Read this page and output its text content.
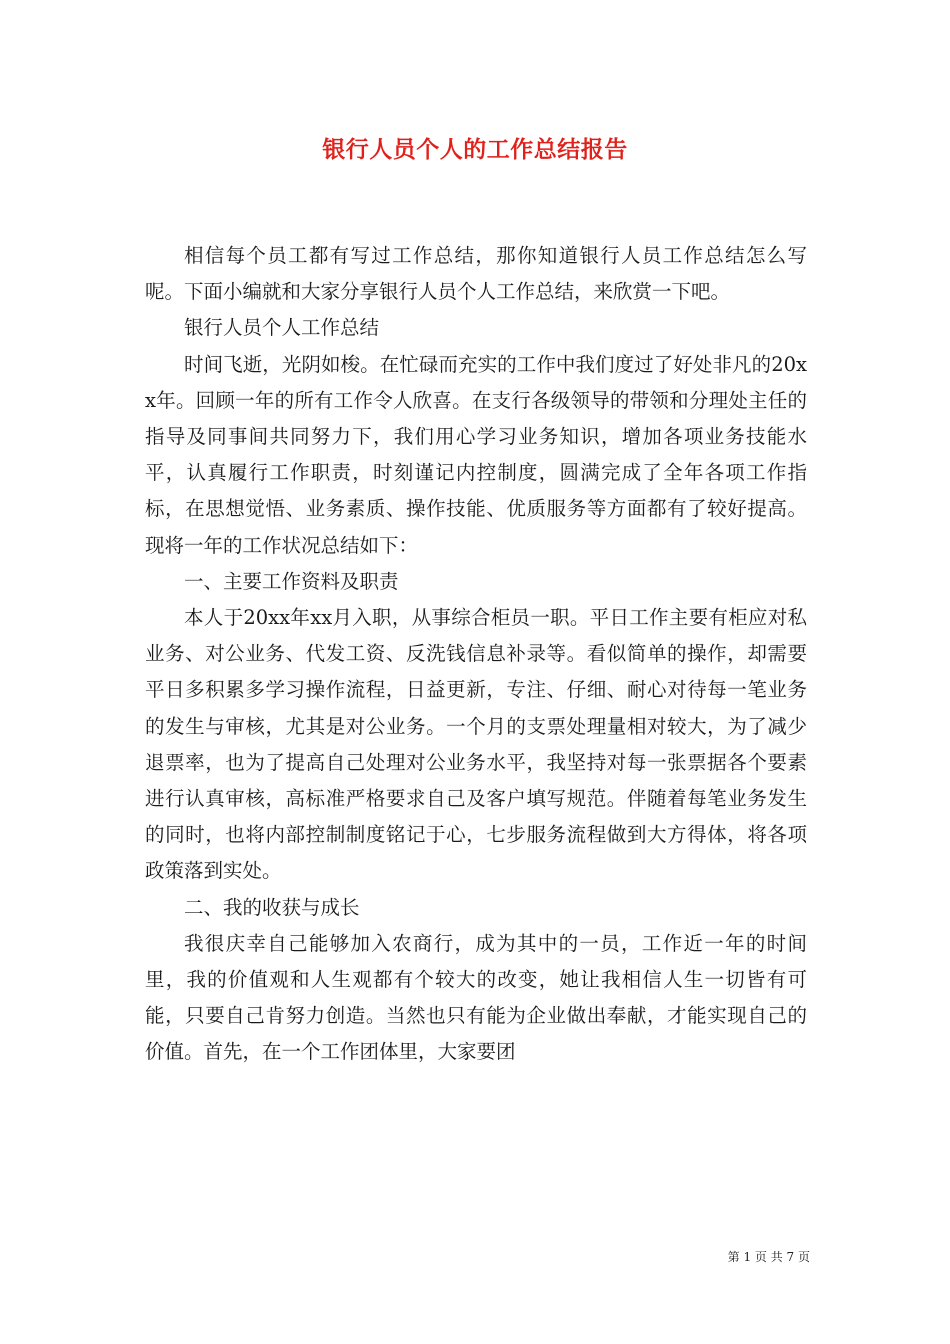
银行人员个人的工作总结报告

相信每个员工都有写过工作总结，那你知道银行人员工作总结怎么写呢。下面小编就和大家分享银行人员个人工作总结，来欣赏一下吧。

银行人员个人工作总结

时间飞逝，光阴如梭。在忙碌而充实的工作中我们度过了好处非凡的20xx年。回顾一年的所有工作令人欣喜。在支行各级领导的带领和分理处主任的指导及同事间共同努力下，我们用心学习业务知识，增加各项业务技能水平，认真履行工作职责，时刻谨记内控制度，圆满完成了全年各项工作指标，在思想觉悟、业务素质、操作技能、优质服务等方面都有了较好提高。现将一年的工作状况总结如下：

一、主要工作资料及职责

本人于20xx年xx月入职，从事综合柜员一职。平日工作主要有柜应对私业务、对公业务、代发工资、反洗钱信息补录等。看似简单的操作，却需要平日多积累多学习操作流程，日益更新，专注、仔细、耐心对待每一笔业务的发生与审核，尤其是对公业务。一个月的支票处理量相对较大，为了减少退票率，也为了提高自己处理对公业务水平，我坚持对每一张票据各个要素进行认真审核，高标准严格要求自己及客户填写规范。伴随着每笔业务发生的同时，也将内部控制制度铭记于心，七步服务流程做到大方得体，将各项政策落到实处。

二、我的收获与成长

我很庆幸自己能够加入农商行，成为其中的一员，工作近一年的时间里，我的价值观和人生观都有个较大的改变，她让我相信人生一切皆有可能，只要自己肯努力创造。当然也只有能为企业做出奉献，才能实现自己的价值。首先，在一个工作团体里，大家要团

第 1 页 共 7 页
